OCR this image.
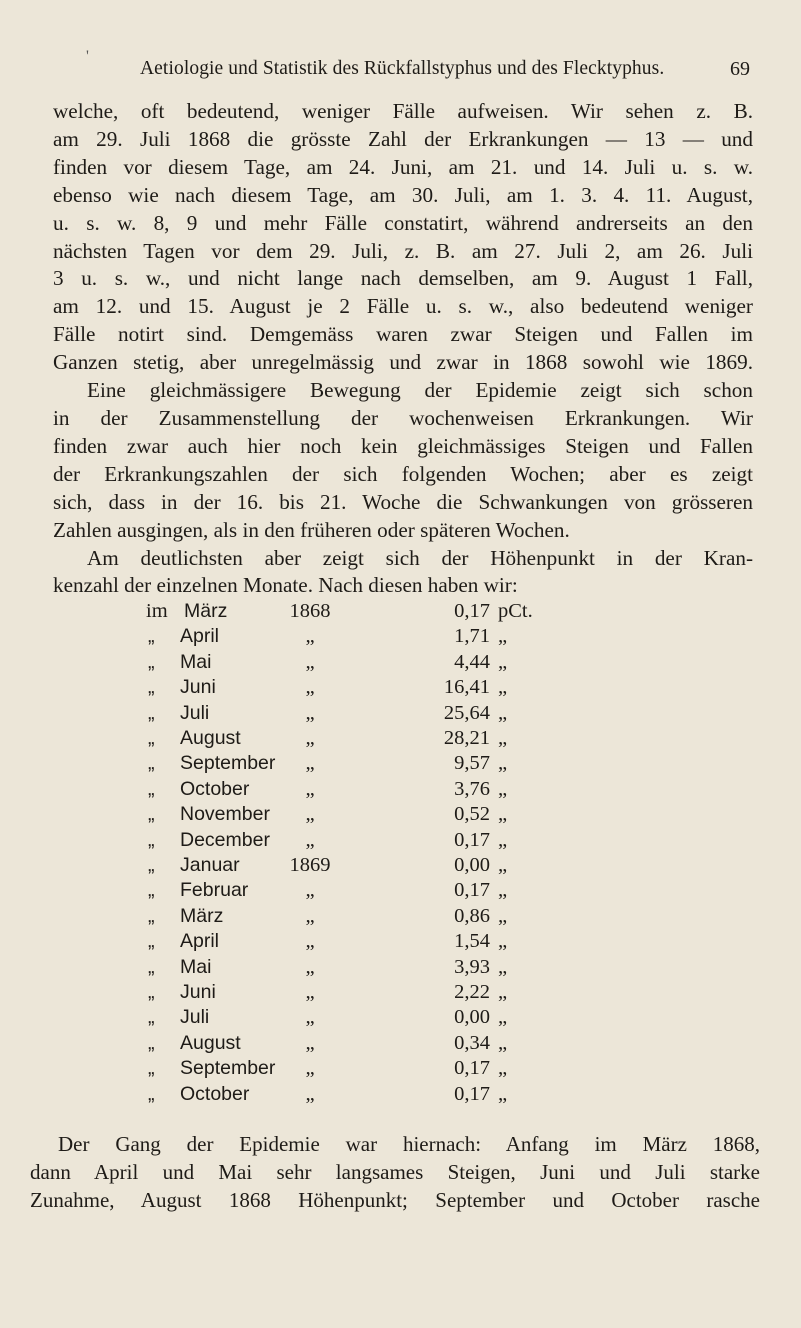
'
Aetiologie und Statistik des Rückfallstyphus und des Flecktyphus.	69
welche, oft bedeutend, weniger Fälle aufweisen. Wir sehen z. B.
am 29. Juli 1868 die grösste Zahl der Erkrankungen — 13 — und
finden vor diesem Tage, am 24. Juni, am 21. und 14. Juli u. s. w.
ebenso wie nach diesem Tage, am 30. Juli, am 1. 3. 4. 11. August,
u. s. w. 8, 9 und mehr Fälle constatirt, während andrerseits an den
nächsten Tagen vor dem 29. Juli, z. B. am 27. Juli 2, am 26. Juli
3 u. s. w., und nicht lange nach demselben, am 9. August 1 Fall,
am 12. und 15. August je 2 Fälle u. s. w., also bedeutend weniger
Fälle notirt sind. Demgemäss waren zwar Steigen und Fallen im
Ganzen stetig, aber unregelmässig und zwar in 1868 sowohl wie 1869.
Eine gleichmässigere Bewegung der Epidemie zeigt sich schon
in der Zusammenstellung der wochenweisen Erkrankungen. Wir
finden zwar auch hier noch kein gleichmässiges Steigen und Fallen
der Erkrankungszahlen der sich folgenden Wochen; aber es zeigt
sich, dass in der 16. bis 21. Woche die Schwankungen von grösseren
Zahlen ausgingen, als in den früheren oder späteren Wochen.
Am deutlichsten aber zeigt sich der Höhenpunkt in der Kran-
kenzahl der einzelnen Monate. Nach diesen haben wir:
im März	1868	0,17 pCt.
„ April	„	1,71 „
„ Mai	„	4,44 „
„ Juni	„	16,41 „
„ Juli	„	25,64 „
„ August	„	28,21 „
„ September	„	9,57 „
„ October	„	3,76 „
„ November	„	0,52 „
„ December	„	0,17 „
„ Januar	1869	0,00 „
„ Februar	„	0,17 „
„ März	„	0,86 „
„ April	„	1,54 „
„ Mai	„	3,93 „
„ Juni	„	2,22 „
„ Juli	„	0,00 „
„ August	„	0,34 „
„ September	„	0,17 „
„ October	„	0,17 „
Der Gang der Epidemie war hiernach: Anfang im März 1868,
dann April und Mai sehr langsames Steigen, Juni und Juli starke
Zunahme, August 1868 Höhenpunkt; September und October rasche
